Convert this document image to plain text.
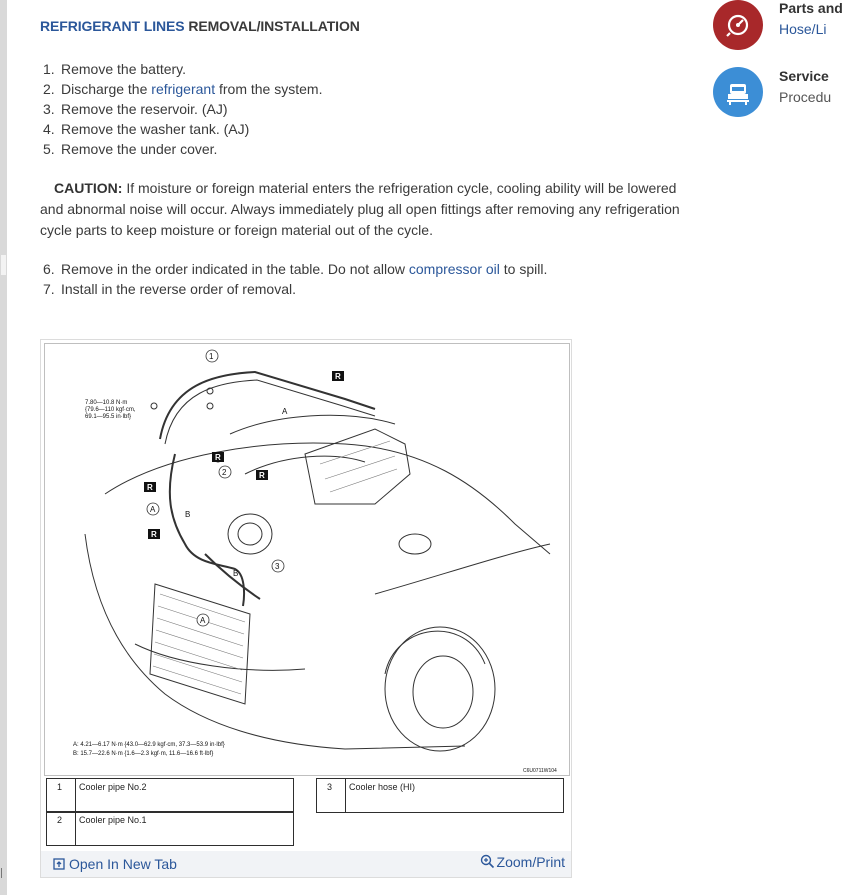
REFRIGERANT LINES REMOVAL/INSTALLATION
1. Remove the battery.
2. Discharge the refrigerant from the system.
3. Remove the reservoir. (AJ)
4. Remove the washer tank. (AJ)
5. Remove the under cover.
CAUTION: If moisture or foreign material enters the refrigeration cycle, cooling ability will be lowered and abnormal noise will occur. Always immediately plug all open fittings after removing any refrigeration cycle parts to keep moisture or foreign material out of the cycle.
6. Remove in the order indicated in the table. Do not allow compressor oil to spill.
7. Install in the reverse order of removal.
R
R
R
R
R
A
A
A
B
B
1
2
3
7.80—10.8 N·m
{79.6—110 kgf·cm,
69.1—95.5 in·lbf}
A: 4.21—6.17 N·m {43.0—62.9 kgf·cm, 37.3—53.9 in·lbf}
B: 15.7—22.6 N·m {1.6—2.3 kgf·m, 11.6—16.6 ft·lbf}
C6U0711W104
1 Cooler pipe No.2
2 Cooler pipe No.1
3 Cooler hose (HI)
Open In New Tab	Zoom/Print
Parts and
Hose/Li
Service
Procedu
